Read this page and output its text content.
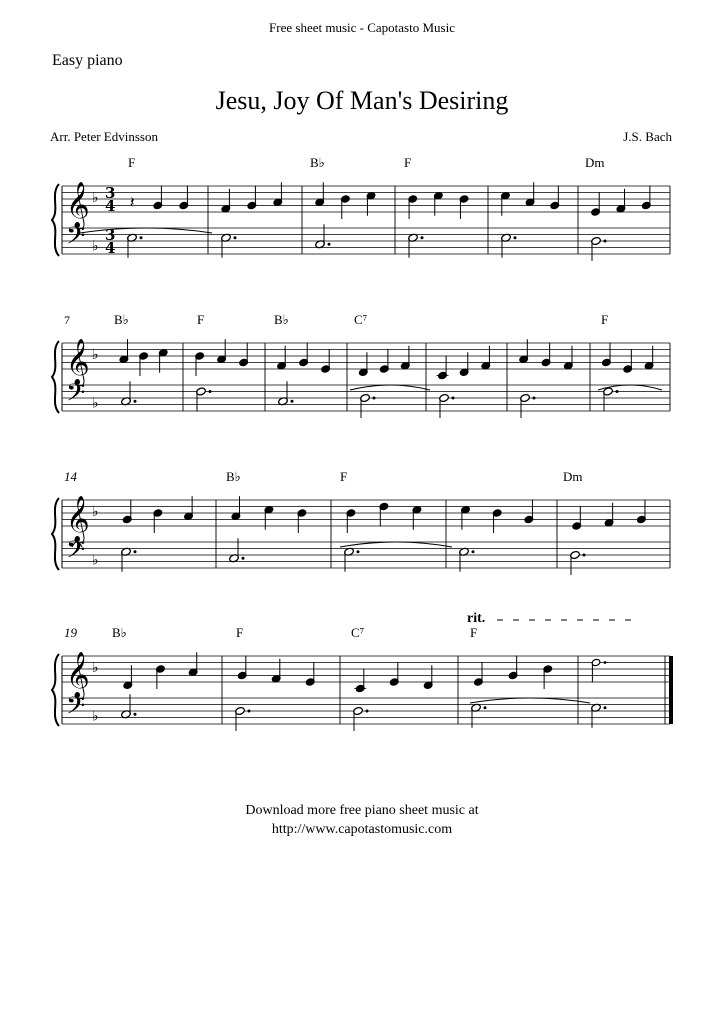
Free sheet music - Capotasto Music

Easy piano

Jesu, Joy Of Man's Desiring

Arr. Peter Edvinsson	J.S. Bach

𝄞
𝄢
♭
♭
3
4
3
4
F	B♭	F	Dm
𝄽
𝄞
𝄢
♭
♭
B♭	F	B♭	C⁷	F
7
𝄞
𝄢
♭
♭
B♭	F	Dm
14
𝄞
𝄢
♭
♭
B♭	F	C⁷	F
19
rit.

Download more free piano sheet music at

http://www.capotastomusic.com
